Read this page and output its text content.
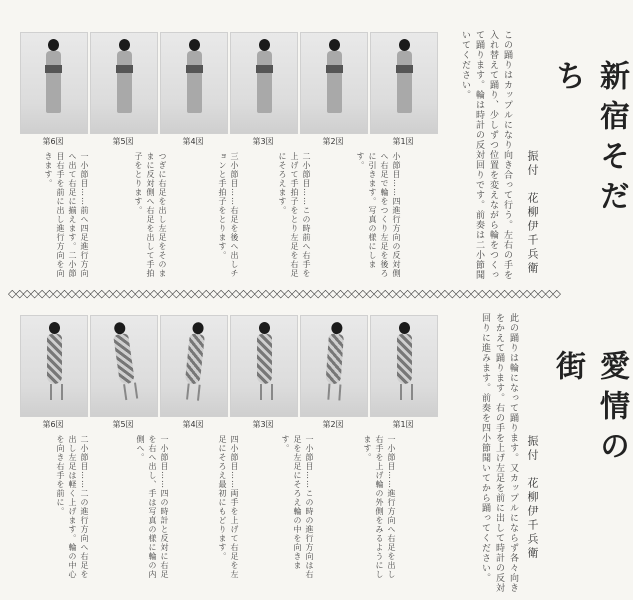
第6図	第5図	第4図	第3図	第2図	第1図
一小節目……前へ四足進行方向へ出て右足に揃えます。二小節目右手を前に出し進行方向を向きます。	つぎに右足を出し左足をそのままに反対側へ右足を出して手拍子をとります。	三小節目……右足を後へ出しチョンと手拍子をとります。	二小節目……この時前へ右手を上げて手拍子をとり左足を右足にそろえます。	小節目……四進行方向の反対側へ右足で輪をつくり左足を後ろに引きます。写真の様にします。	この踊りはカップルになり向き合って行う。左右の手を入れ替えて踊り、少しずつ位置を変えながら輪をつくって踊ります。輪は時計の反対回りです。前奏は二小節聞いてください。	新宿そだち
振付　花柳伊千兵衛
◇◇◇◇◇◇◇◇◇◇◇◇◇◇◇◇◇◇◇◇◇◇◇◇◇◇◇◇◇◇◇◇◇◇◇◇◇◇◇◇◇◇◇◇◇◇◇◇◇◇◇◇◇◇◇◇◇◇◇◇◇◇◇◇◇◇◇◇◇◇◇◇◇◇
第6図	第5図	第4図	第3図	第2図	第1図
二小節目……二の進行方向へ右足を出し左足は軽く上げます。輪の中心を向き右手を前に。	一小節目……四の時計と反対に右足を右へ出し、手は写真の様に輪の内側へ。	四小節目……両手を上げて右足を左足にそろえ最初にもどります。	一小節目……この時の進行方向は右足を左足にそろえ輪の中を向きます。	一小節目……進行方向へ右足を出し右手を上げ輪の外側をみるようにします。	此の踊りは輪になって踊ります。又カップルにならず各々向きをかえて踊ります。右の手を上げ左足を前に出して時計の反対回りに進みます。前奏を四小節聞いてから踊ってください。	愛情の街
振付　花柳伊千兵衛
